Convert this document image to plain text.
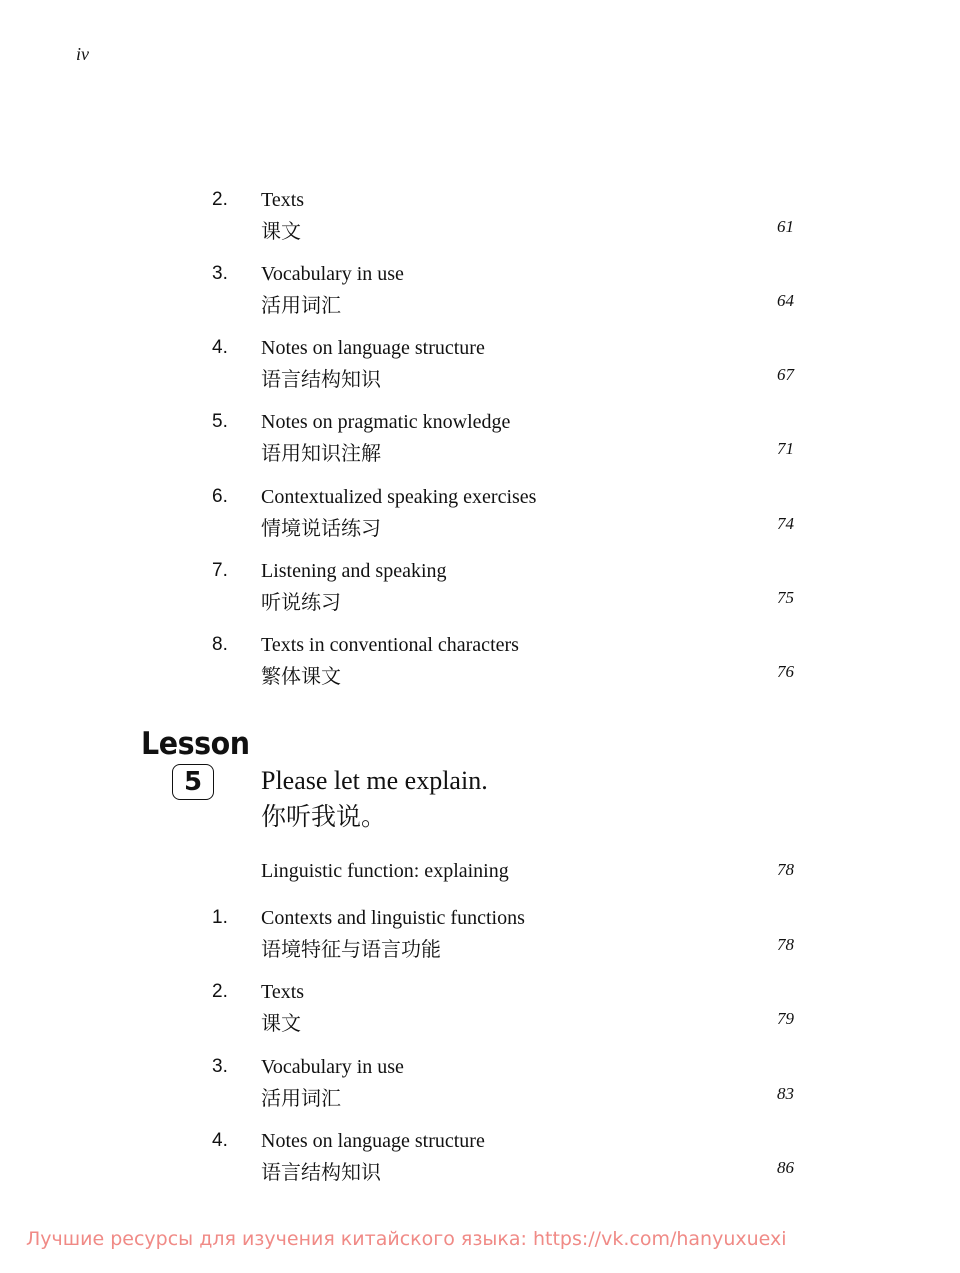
iv
2. Texts
课文	61
3. Vocabulary in use
活用词汇	64
4. Notes on language structure
语言结构知识	67
5. Notes on pragmatic knowledge
语用知识注解	71
6. Contextualized speaking exercises
情境说话练习	74
7. Listening and speaking
听说练习	75
8. Texts in conventional characters
繁体课文	76
Lesson
5	Please let me explain.
你听我说。
Linguistic function: explaining	78
1. Contexts and linguistic functions
语境特征与语言功能	78
2. Texts
课文	79
3. Vocabulary in use
活用词汇	83
4. Notes on language structure
语言结构知识	86
Лучшие ресурсы для изучения китайского языка: https://vk.com/hanyuxuexi
